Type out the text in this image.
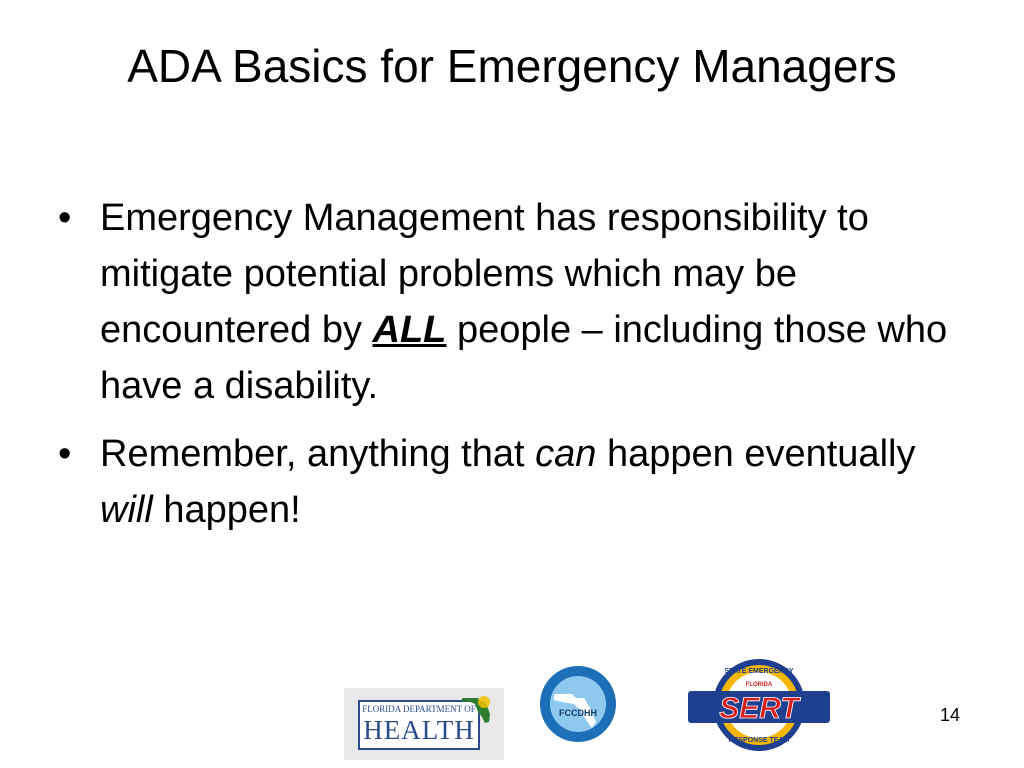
ADA Basics for Emergency Managers
• Emergency Management has responsibility to mitigate potential problems which may be encountered by ALL people – including those who have a disability.
• Remember, anything that can happen eventually will happen!
FLORIDA DEPARTMENT OF
HEALTH
FCCDHH
STATE EMERGENCY
FLORIDA
SERT
RESPONSE TEAM
14
